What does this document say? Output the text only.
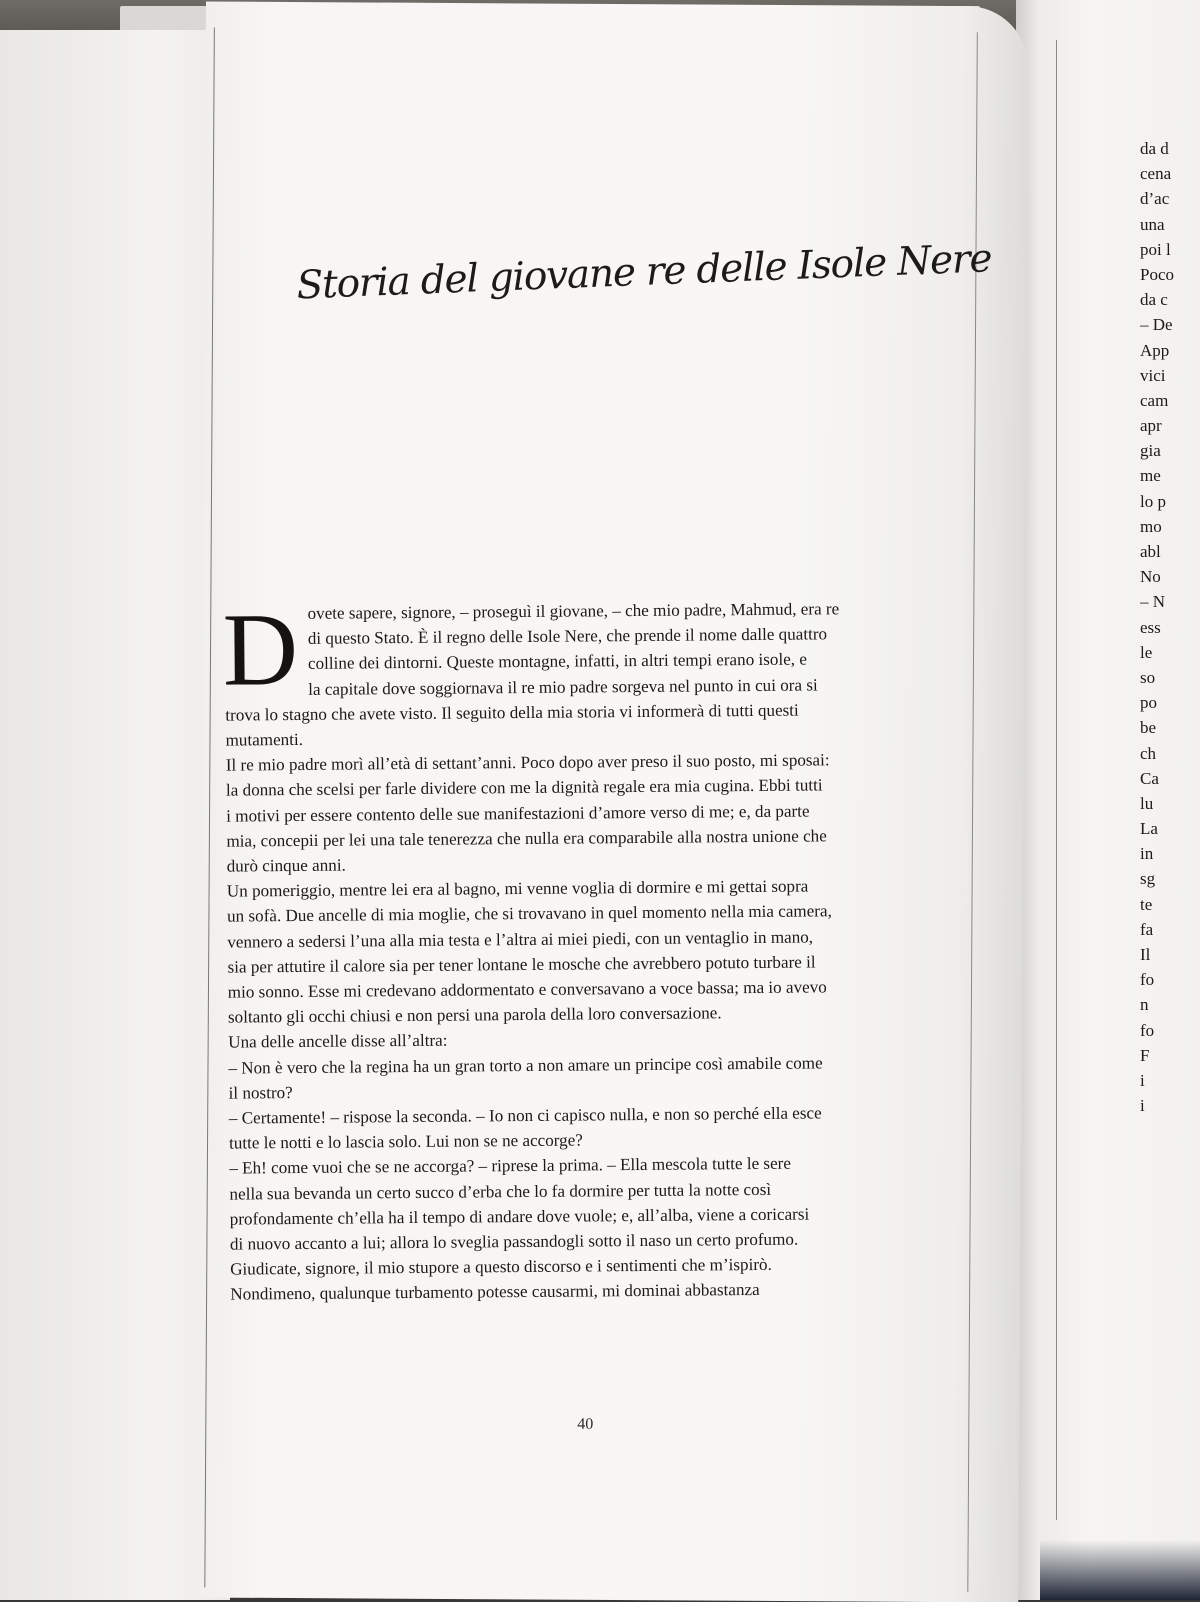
da d
cena
d’ac
una
poi l
Poco
da c
– De
App
vici
cam
apr
gia
me
lo p
mo
abl
No
– N
ess
le
so
po
be
ch
Ca
lu
La
in
sg
te
fa
Il
fo
n
fo
F
i
i
Storia del giovane re delle Isole Nere
D ovete sapere, signore, – proseguì il giovane, – che mio padre, Mahmud, era re
di questo Stato. È il regno delle Isole Nere, che prende il nome dalle quattro
colline dei dintorni. Queste montagne, infatti, in altri tempi erano isole, e
la capitale dove soggiornava il re mio padre sorgeva nel punto in cui ora si

trova lo stagno che avete visto. Il seguito della mia storia vi informerà di tutti questi

mutamenti.

Il re mio padre morì all’età di settant’anni. Poco dopo aver preso il suo posto, mi sposai:

la donna che scelsi per farle dividere con me la dignità regale era mia cugina. Ebbi tutti

i motivi per essere contento delle sue manifestazioni d’amore verso di me; e, da parte

mia, concepii per lei una tale tenerezza che nulla era comparabile alla nostra unione che

durò cinque anni.

Un pomeriggio, mentre lei era al bagno, mi venne voglia di dormire e mi gettai sopra

un sofà. Due ancelle di mia moglie, che si trovavano in quel momento nella mia camera,

vennero a sedersi l’una alla mia testa e l’altra ai miei piedi, con un ventaglio in mano,

sia per attutire il calore sia per tener lontane le mosche che avrebbero potuto turbare il

mio sonno. Esse mi credevano addormentato e conversavano a voce bassa; ma io avevo

soltanto gli occhi chiusi e non persi una parola della loro conversazione.

Una delle ancelle disse all’altra:

– Non è vero che la regina ha un gran torto a non amare un principe così amabile come

il nostro?

– Certamente! – rispose la seconda. – Io non ci capisco nulla, e non so perché ella esce

tutte le notti e lo lascia solo. Lui non se ne accorge?

– Eh! come vuoi che se ne accorga? – riprese la prima. – Ella mescola tutte le sere

nella sua bevanda un certo succo d’erba che lo fa dormire per tutta la notte così

profondamente ch’ella ha il tempo di andare dove vuole; e, all’alba, viene a coricarsi

di nuovo accanto a lui; allora lo sveglia passandogli sotto il naso un certo profumo.

Giudicate, signore, il mio stupore a questo discorso e i sentimenti che m’ispirò.

Nondimeno, qualunque turbamento potesse causarmi, mi dominai abbastanza

40
